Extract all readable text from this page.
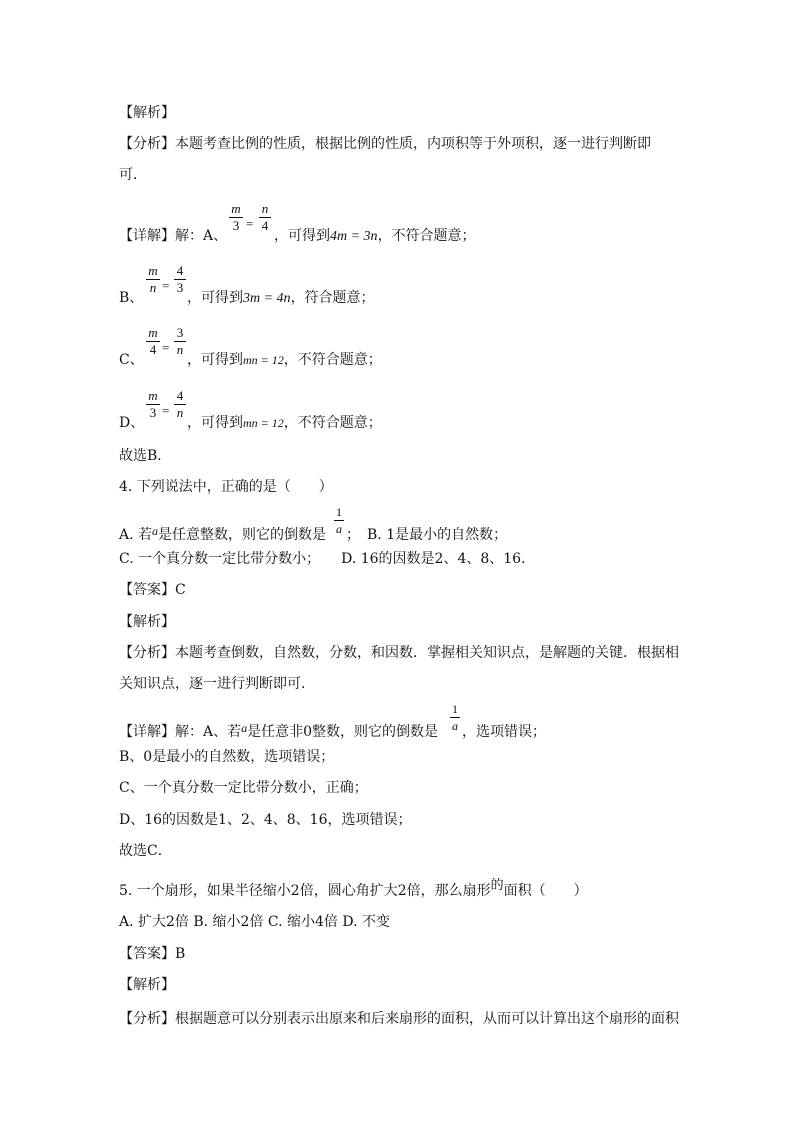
【解析】
【分析】本题考查比例的性质，根据比例的性质，内项积等于外项积，逐一进行判断即
可．
【详解】解：A、
m
3 =
n
4
，可得到4m = 3n，不符合题意；
B、
m
n =
4
3
，可得到3m = 4n，符合题意；
C、
m
4 =
3
n
，可得到mn = 12，不符合题意；
D、
m
3 =
4
n
，可得到mn = 12，不符合题意；
故选B．
4. 下列说法中，正确的是（　　）
A. 若a是任意整数，则它的倒数是
1
a ；　B. 1是最小的自然数；
C. 一个真分数一定比带分数小；　　D. 16的因数是2、4、8、16．
【答案】C
【解析】
【分析】本题考查倒数，自然数，分数，和因数．掌握相关知识点，是解题的关键．根据相
关知识点，逐一进行判断即可．
【详解】解：A、若a是任意非0整数，则它的倒数是
1
a ，选项错误；
B、0是最小的自然数，选项错误；
C、一个真分数一定比带分数小，正确；
D、16的因数是1、2、4、8、16，选项错误；
故选C．
5. 一个扇形，如果半径缩小2倍，圆心角扩大2倍，那么扇形的面积（　　）
A. 扩大2倍 B. 缩小2倍 C. 缩小4倍 D. 不变
【答案】B
【解析】
【分析】根据题意可以分别表示出原来和后来扇形的面积，从而可以计算出这个扇形的面积
